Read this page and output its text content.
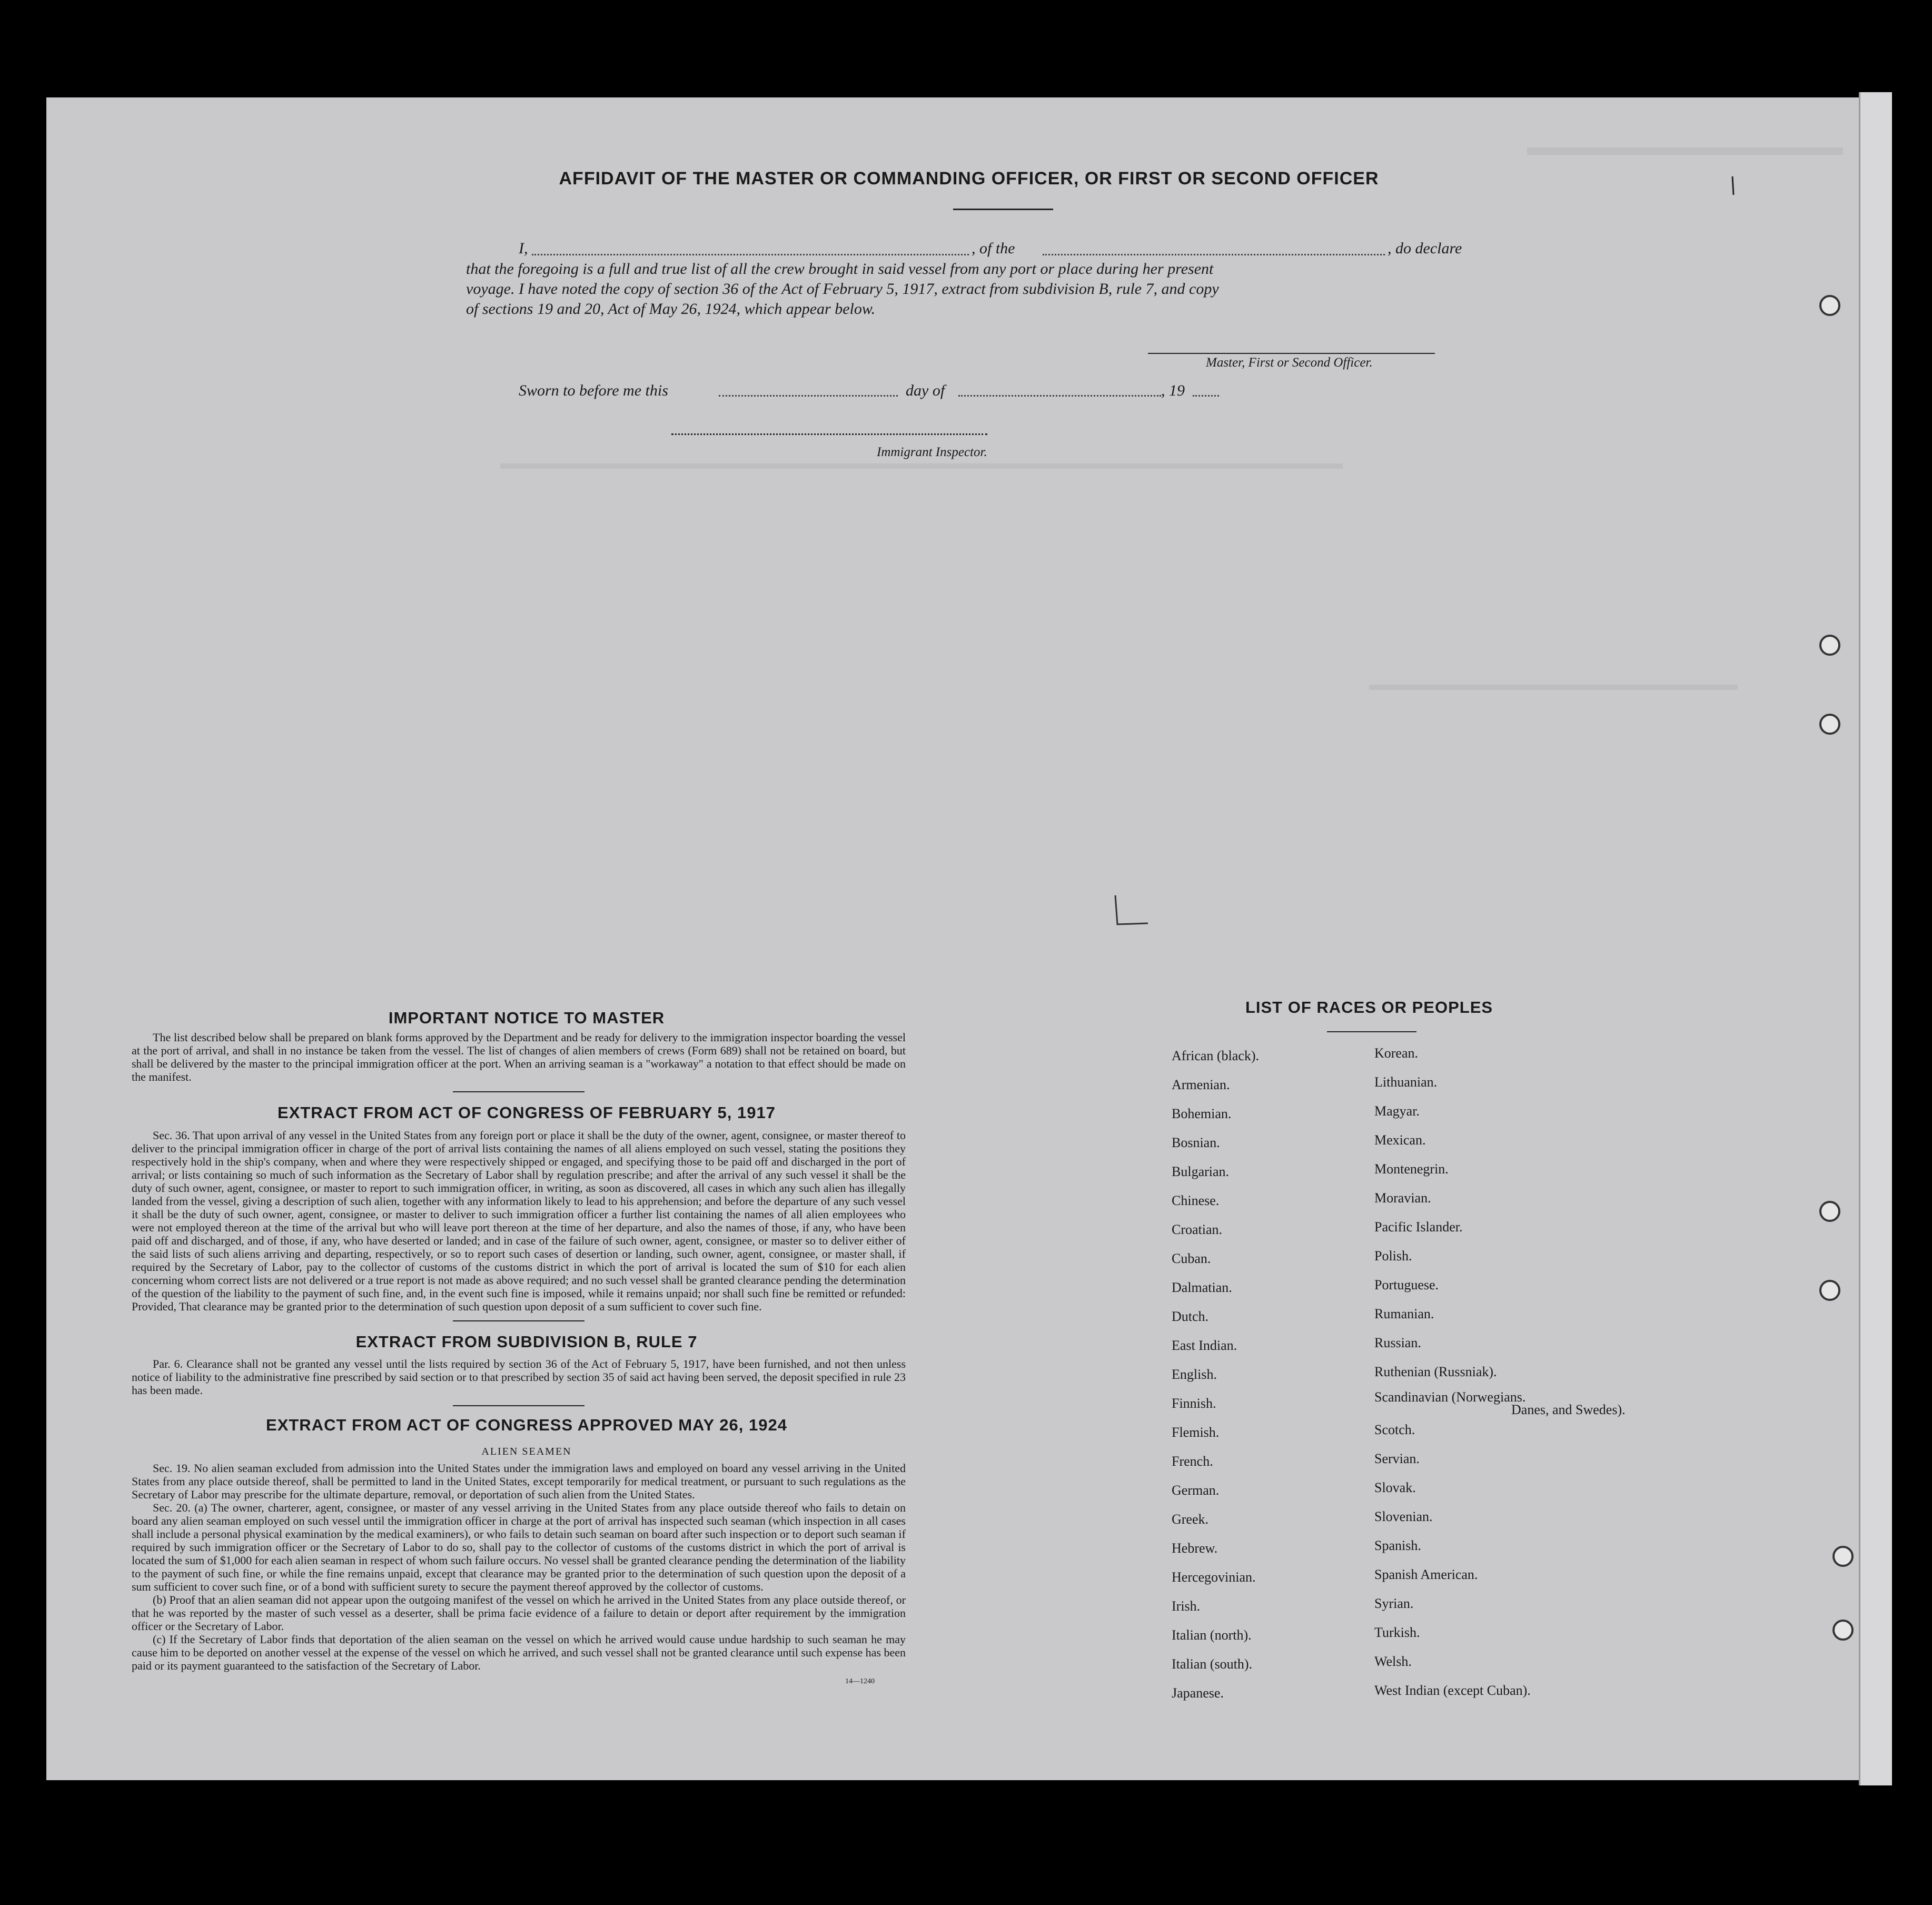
AFFIDAVIT OF THE MASTER OR COMMANDING OFFICER, OR FIRST OR SECOND OFFICER
I,	, of the	, do declare
that the foregoing is a full and true list of all the crew brought in said vessel from any port or place during her present
voyage. I have noted the copy of section 36 of the Act of February 5, 1917, extract from subdivision B, rule 7, and copy
of sections 19 and 20, Act of May 26, 1924, which appear below.
Master, First or Second Officer.
Sworn to before me this	day of	, 19
Immigrant Inspector.
IMPORTANT NOTICE TO MASTER
The list described below shall be prepared on blank forms approved by the Department and be ready for delivery to the immigration inspector boarding the vessel at the port of arrival, and shall in no instance be taken from the vessel. The list of changes of alien members of crews (Form 689) shall not be retained on board, but shall be delivered by the master to the principal immigration officer at the port. When an arriving seaman is a "workaway" a notation to that effect should be made on the manifest.
EXTRACT FROM ACT OF CONGRESS OF FEBRUARY 5, 1917
Sec. 36. That upon arrival of any vessel in the United States from any foreign port or place it shall be the duty of the owner, agent, consignee, or master thereof to deliver to the principal immigration officer in charge of the port of arrival lists containing the names of all aliens employed on such vessel, stating the positions they respectively hold in the ship's company, when and where they were respectively shipped or engaged, and specifying those to be paid off and discharged in the port of arrival; or lists containing so much of such information as the Secretary of Labor shall by regulation prescribe; and after the arrival of any such vessel it shall be the duty of such owner, agent, consignee, or master to report to such immigration officer, in writing, as soon as discovered, all cases in which any such alien has illegally landed from the vessel, giving a description of such alien, together with any information likely to lead to his apprehension; and before the departure of any such vessel it shall be the duty of such owner, agent, consignee, or master to deliver to such immigration officer a further list containing the names of all alien employees who were not employed thereon at the time of the arrival but who will leave port thereon at the time of her departure, and also the names of those, if any, who have been paid off and discharged, and of those, if any, who have deserted or landed; and in case of the failure of such owner, agent, consignee, or master so to deliver either of the said lists of such aliens arriving and departing, respectively, or so to report such cases of desertion or landing, such owner, agent, consignee, or master shall, if required by the Secretary of Labor, pay to the collector of customs of the customs district in which the port of arrival is located the sum of $10 for each alien concerning whom correct lists are not delivered or a true report is not made as above required; and no such vessel shall be granted clearance pending the determination of the question of the liability to the payment of such fine, and, in the event such fine is imposed, while it remains unpaid; nor shall such fine be remitted or refunded: Provided, That clearance may be granted prior to the determination of such question upon deposit of a sum sufficient to cover such fine.
EXTRACT FROM SUBDIVISION B, RULE 7
Par. 6. Clearance shall not be granted any vessel until the lists required by section 36 of the Act of February 5, 1917, have been furnished, and not then unless notice of liability to the administrative fine prescribed by said section or to that prescribed by section 35 of said act having been served, the deposit specified in rule 23 has been made.
EXTRACT FROM ACT OF CONGRESS APPROVED MAY 26, 1924
ALIEN SEAMEN
Sec. 19. No alien seaman excluded from admission into the United States under the immigration laws and employed on board any vessel arriving in the United States from any place outside thereof, shall be permitted to land in the United States, except temporarily for medical treatment, or pursuant to such regulations as the Secretary of Labor may prescribe for the ultimate departure, removal, or deportation of such alien from the United States.
Sec. 20. (a) The owner, charterer, agent, consignee, or master of any vessel arriving in the United States from any place outside thereof who fails to detain on board any alien seaman employed on such vessel until the immigration officer in charge at the port of arrival has inspected such seaman (which inspection in all cases shall include a personal physical examination by the medical examiners), or who fails to detain such seaman on board after such inspection or to deport such seaman if required by such immigration officer or the Secretary of Labor to do so, shall pay to the collector of customs of the customs district in which the port of arrival is located the sum of $1,000 for each alien seaman in respect of whom such failure occurs. No vessel shall be granted clearance pending the determination of the liability to the payment of such fine, or while the fine remains unpaid, except that clearance may be granted prior to the determination of such question upon the deposit of a sum sufficient to cover such fine, or of a bond with sufficient surety to secure the payment thereof approved by the collector of customs.
(b) Proof that an alien seaman did not appear upon the outgoing manifest of the vessel on which he arrived in the United States from any place outside thereof, or that he was reported by the master of such vessel as a deserter, shall be prima facie evidence of a failure to detain or deport after requirement by the immigration officer or the Secretary of Labor.
(c) If the Secretary of Labor finds that deportation of the alien seaman on the vessel on which he arrived would cause undue hardship to such seaman he may cause him to be deported on another vessel at the expense of the vessel on which he arrived, and such vessel shall not be granted clearance until such expense has been paid or its payment guaranteed to the satisfaction of the Secretary of Labor.
14—1240
LIST OF RACES OR PEOPLES
African (black).
Armenian.
Bohemian.
Bosnian.
Bulgarian.
Chinese.
Croatian.
Cuban.
Dalmatian.
Dutch.
East Indian.
English.
Finnish.
Flemish.
French.
German.
Greek.
Hebrew.
Hercegovinian.
Irish.
Italian (north).
Italian (south).
Japanese.
Korean.
Lithuanian.
Magyar.
Mexican.
Montenegrin.
Moravian.
Pacific Islander.
Polish.
Portuguese.
Rumanian.
Russian.
Ruthenian (Russniak).
Scandinavian (Norwegians.
Danes, and Swedes).
Scotch.
Servian.
Slovak.
Slovenian.
Spanish.
Spanish American.
Syrian.
Turkish.
Welsh.
West Indian (except Cuban).
